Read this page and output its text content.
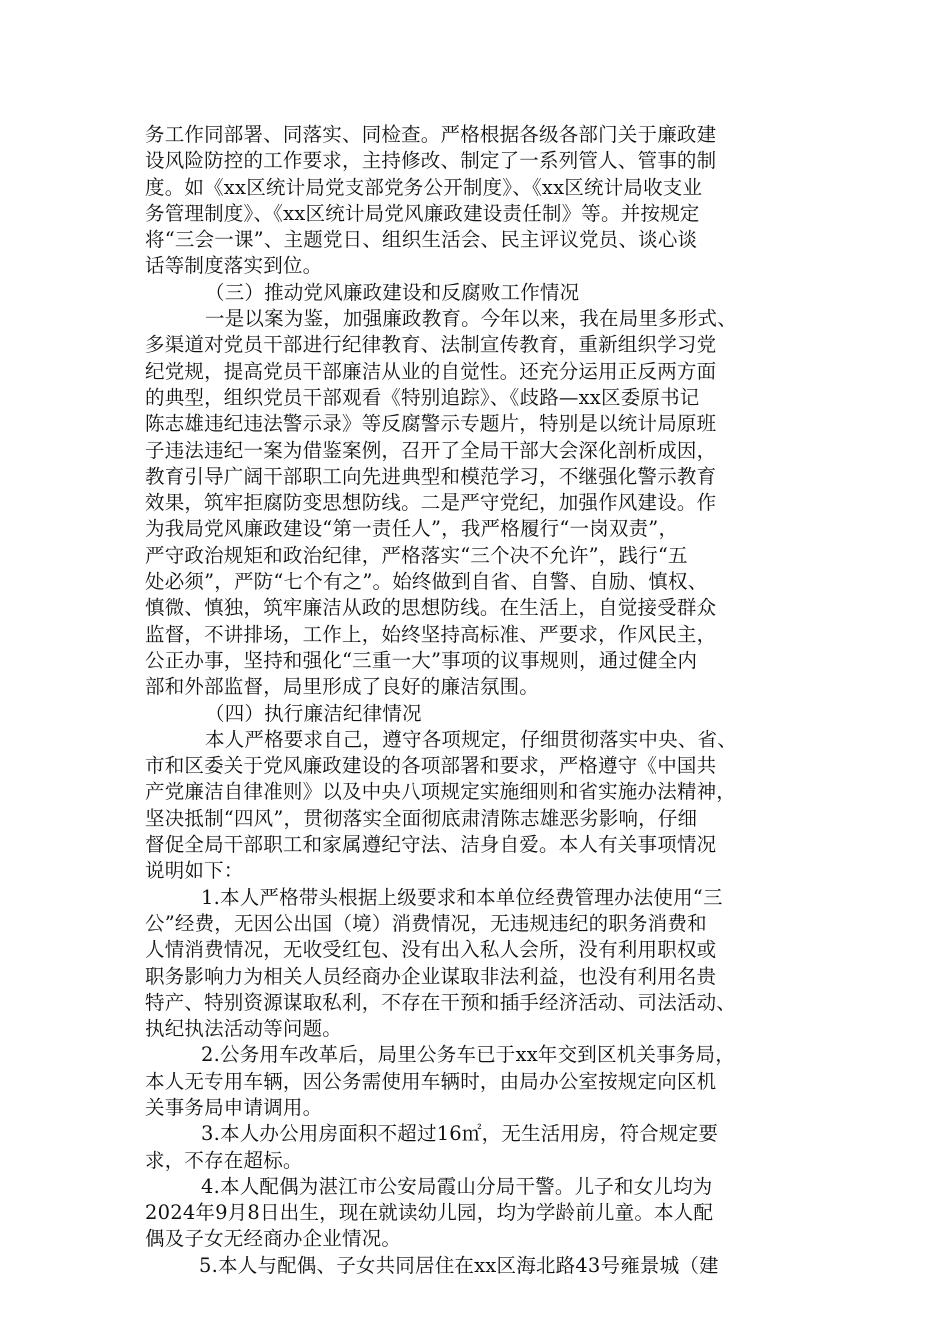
务工作同部署、同落实、同检查。严格根据各级各部门关于廉政建
设风险防控的工作要求，主持修改、制定了一系列管人、管事的制
度。如《xx区统计局党支部党务公开制度》、《xx区统计局收支业
务管理制度》、《xx区统计局党风廉政建设责任制》等。并按规定
将“三会一课”、主题党日、组织生活会、民主评议党员、谈心谈
话等制度落实到位。
（三）推动党风廉政建设和反腐败工作情况
一是以案为鉴，加强廉政教育。今年以来，我在局里多形式、
多渠道对党员干部进行纪律教育、法制宣传教育，重新组织学习党
纪党规，提高党员干部廉洁从业的自觉性。还充分运用正反两方面
的典型，组织党员干部观看《特别追踪》、《歧路—xx区委原书记
陈志雄违纪违法警示录》等反腐警示专题片，特别是以统计局原班
子违法违纪一案为借鉴案例，召开了全局干部大会深化剖析成因，
教育引导广阔干部职工向先进典型和模范学习，不继强化警示教育
效果，筑牢拒腐防变思想防线。二是严守党纪，加强作风建设。作
为我局党风廉政建设“第一责任人”，我严格履行“一岗双责”，
严守政治规矩和政治纪律，严格落实“三个决不允许”，践行“五
处必须”，严防“七个有之”。始终做到自省、自警、自励、慎权、
慎微、慎独，筑牢廉洁从政的思想防线。在生活上，自觉接受群众
监督，不讲排场，工作上，始终坚持高标准、严要求，作风民主，
公正办事，坚持和强化“三重一大”事项的议事规则，通过健全内
部和外部监督，局里形成了良好的廉洁氛围。
（四）执行廉洁纪律情况
本人严格要求自己，遵守各项规定，仔细贯彻落实中央、省、
市和区委关于党风廉政建设的各项部署和要求，严格遵守《中国共
产党廉洁自律准则》以及中央八项规定实施细则和省实施办法精神，
坚决抵制“四风”，贯彻落实全面彻底肃清陈志雄恶劣影响，仔细
督促全局干部职工和家属遵纪守法、洁身自爱。本人有关事项情况
说明如下：
1.本人严格带头根据上级要求和本单位经费管理办法使用“三
公”经费，无因公出国（境）消费情况，无违规违纪的职务消费和
人情消费情况，无收受红包、没有出入私人会所，没有利用职权或
职务影响力为相关人员经商办企业谋取非法利益，也没有利用名贵
特产、特别资源谋取私利，不存在干预和插手经济活动、司法活动、
执纪执法活动等问题。
2.公务用车改革后，局里公务车已于xx年交到区机关事务局，
本人无专用车辆，因公务需使用车辆时，由局办公室按规定向区机
关事务局申请调用。
3.本人办公用房面积不超过16㎡，无生活用房，符合规定要
求，不存在超标。
4.本人配偶为湛江市公安局霞山分局干警。儿子和女儿均为
2024年9月8日出生，现在就读幼儿园，均为学龄前儿童。本人配
偶及子女无经商办企业情况。
5.本人与配偶、子女共同居住在xx区海北路43号雍景城（建
